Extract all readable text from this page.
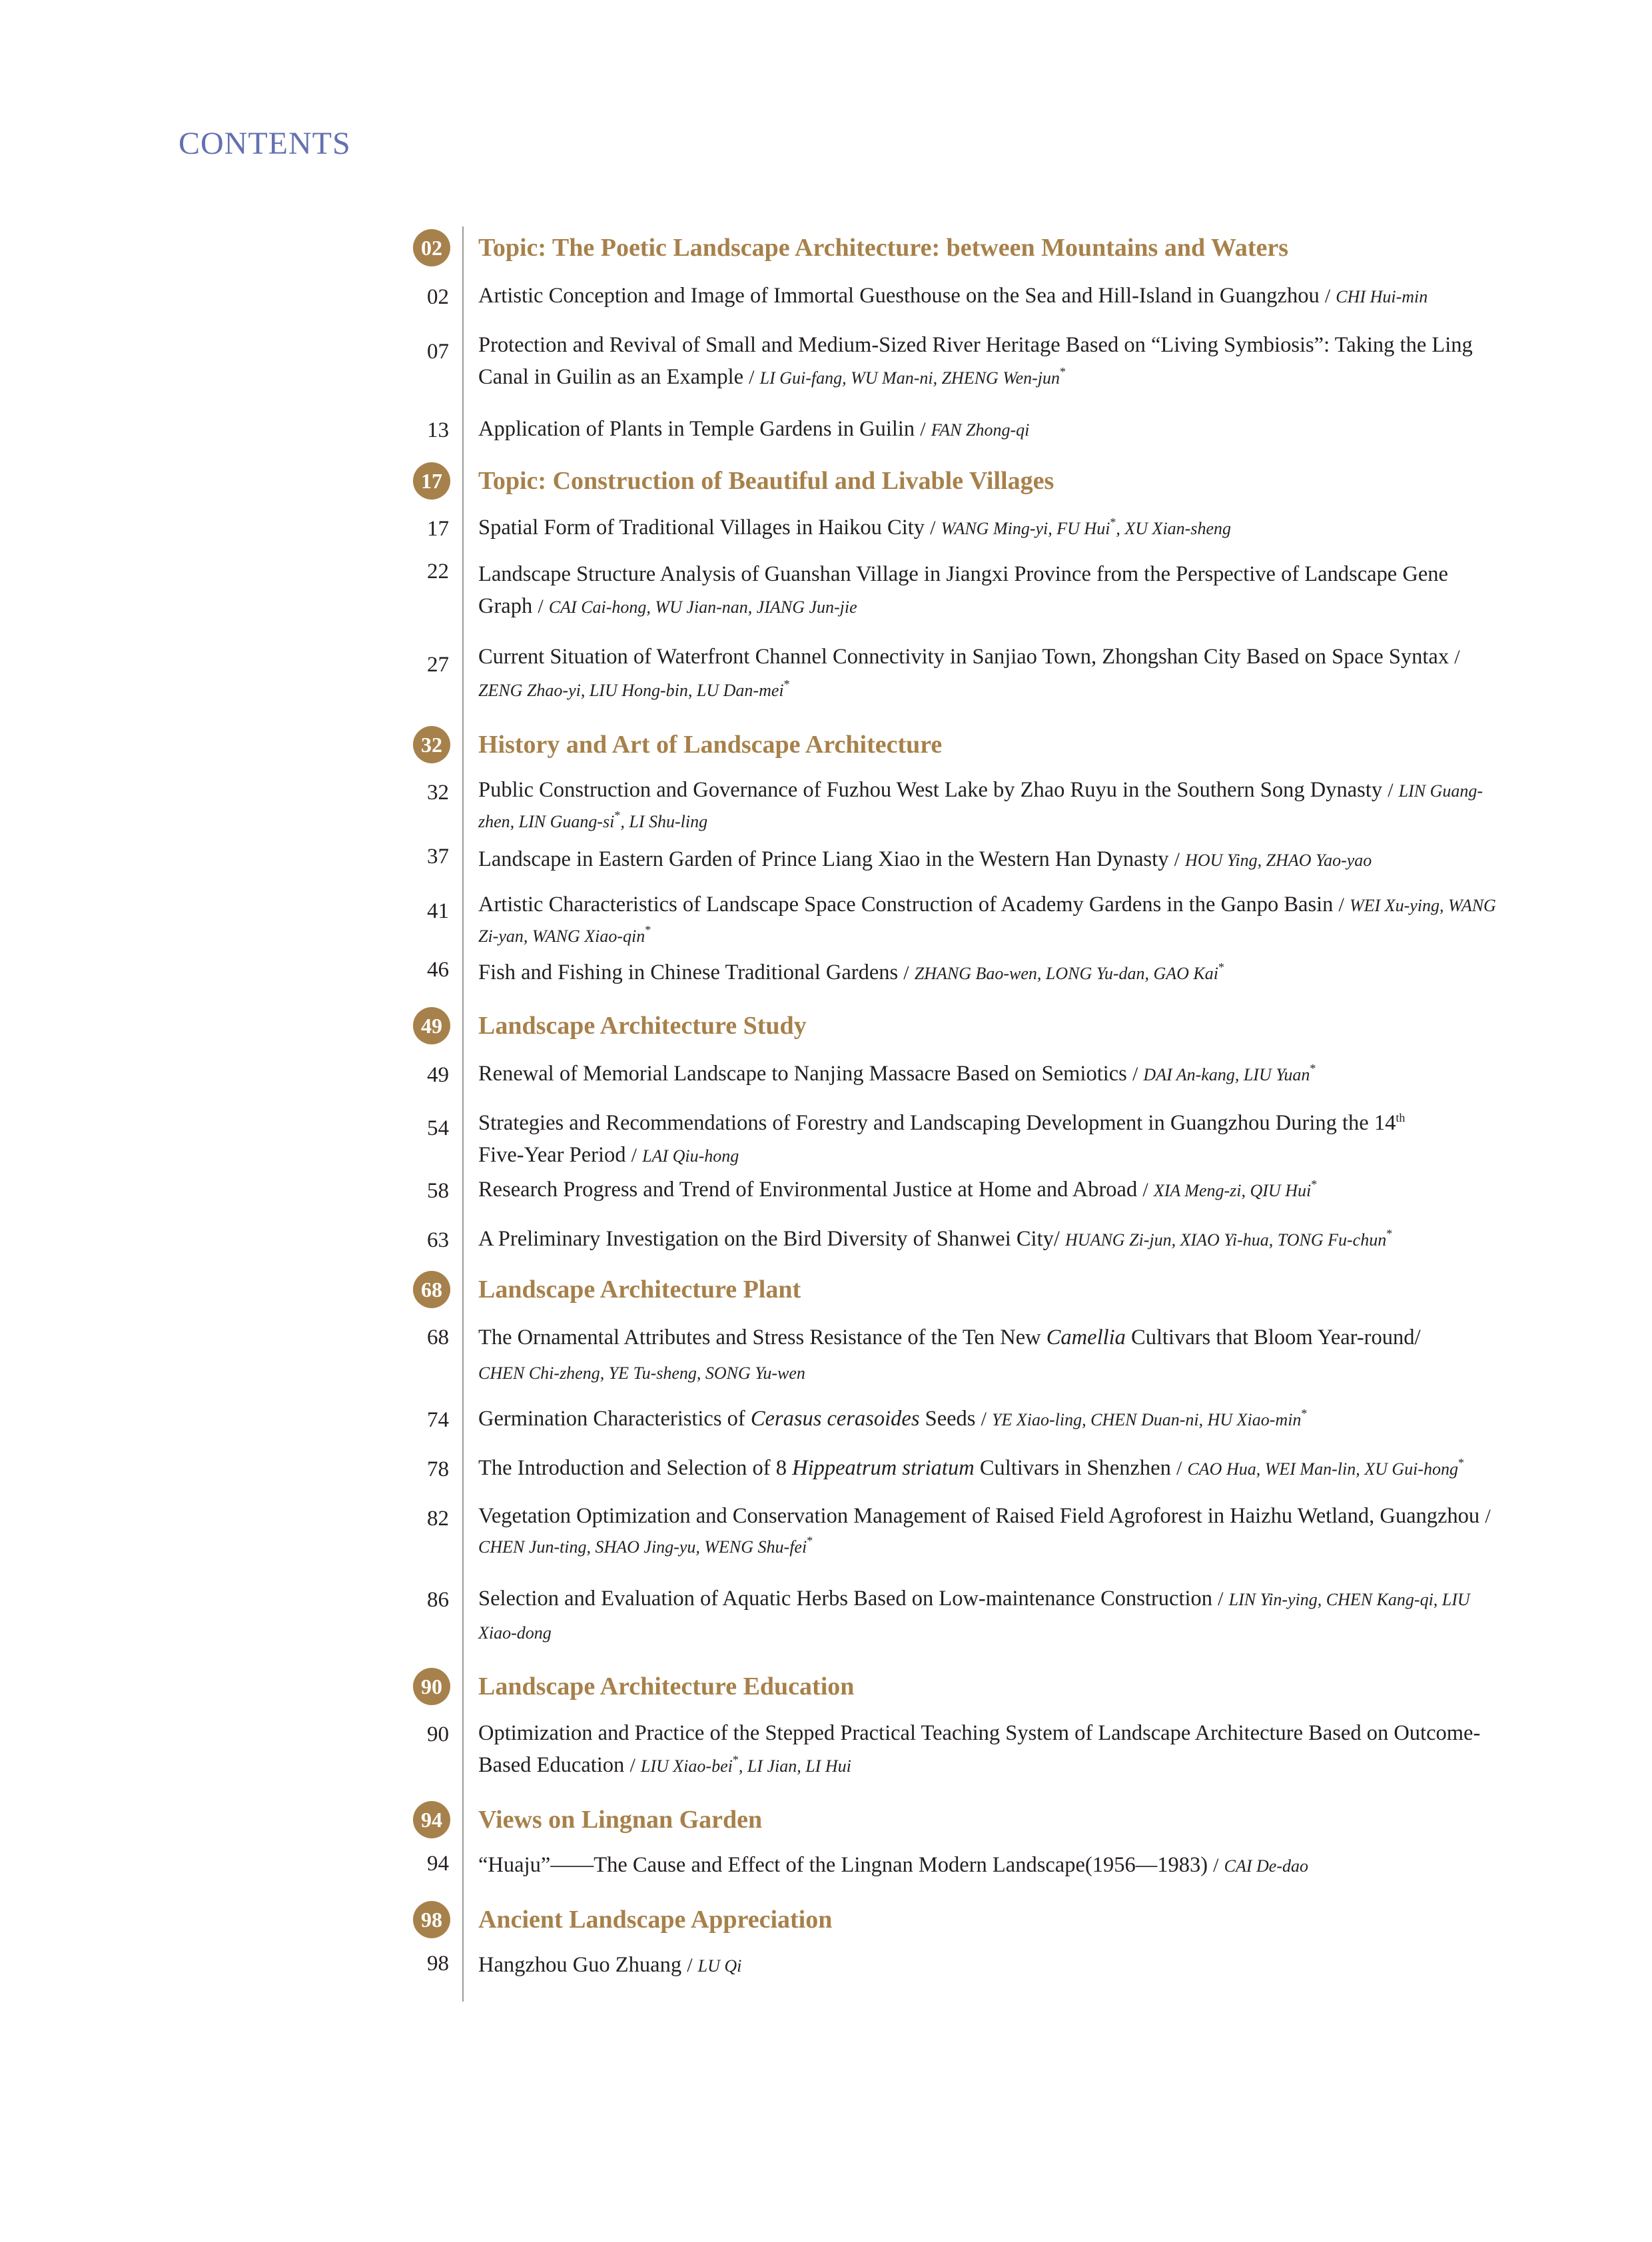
CONTENTS
02	Topic: The Poetic Landscape Architecture: between Mountains and Waters
02 Artistic Conception and Image of Immortal Guesthouse on the Sea and Hill-Island in Guangzhou / CHI Hui-min
07 Protection and Revival of Small and Medium-Sized River Heritage Based on “Living Symbiosis”: Taking the Ling Canal in Guilin as an Example / LI Gui-fang, WU Man-ni, ZHENG Wen-jun*
13 Application of Plants in Temple Gardens in Guilin / FAN Zhong-qi
17	Topic: Construction of Beautiful and Livable Villages
17 Spatial Form of Traditional Villages in Haikou City / WANG Ming-yi, FU Hui*, XU Xian-sheng
22 Landscape Structure Analysis of Guanshan Village in Jiangxi Province from the Perspective of Landscape Gene Graph / CAI Cai-hong, WU Jian-nan, JIANG Jun-jie
27 Current Situation of Waterfront Channel Connectivity in Sanjiao Town, Zhongshan City Based on Space Syntax / ZENG Zhao-yi, LIU Hong-bin, LU Dan-mei*
32	History and Art of Landscape Architecture
32 Public Construction and Governance of Fuzhou West Lake by Zhao Ruyu in the Southern Song Dynasty / LIN Guang-zhen, LIN Guang-si*, LI Shu-ling
37 Landscape in Eastern Garden of Prince Liang Xiao in the Western Han Dynasty / HOU Ying, ZHAO Yao-yao
41 Artistic Characteristics of Landscape Space Construction of Academy Gardens in the Ganpo Basin / WEI Xu-ying, WANG Zi-yan, WANG Xiao-qin*
46 Fish and Fishing in Chinese Traditional Gardens / ZHANG Bao-wen, LONG Yu-dan, GAO Kai*
49	Landscape Architecture Study
49 Renewal of Memorial Landscape to Nanjing Massacre Based on Semiotics / DAI An-kang, LIU Yuan*
54 Strategies and Recommendations of Forestry and Landscaping Development in Guangzhou During the 14th
Five-Year Period / LAI Qiu-hong
58 Research Progress and Trend of Environmental Justice at Home and Abroad / XIA Meng-zi, QIU Hui*
63 A Preliminary Investigation on the Bird Diversity of Shanwei City/ HUANG Zi-jun, XIAO Yi-hua, TONG Fu-chun*
68	Landscape Architecture Plant
68 The Ornamental Attributes and Stress Resistance of the Ten New Camellia Cultivars that Bloom Year-round/
CHEN Chi-zheng, YE Tu-sheng, SONG Yu-wen
74 Germination Characteristics of Cerasus cerasoides Seeds / YE Xiao-ling, CHEN Duan-ni, HU Xiao-min*
78 The Introduction and Selection of 8 Hippeatrum striatum Cultivars in Shenzhen / CAO Hua, WEI Man-lin, XU Gui-hong*
82 Vegetation Optimization and Conservation Management of Raised Field Agroforest in Haizhu Wetland, Guangzhou / CHEN Jun-ting, SHAO Jing-yu, WENG Shu-fei*
86 Selection and Evaluation of Aquatic Herbs Based on Low-maintenance Construction / LIN Yin-ying, CHEN Kang-qi, LIU Xiao-dong
90	Landscape Architecture Education
90 Optimization and Practice of the Stepped Practical Teaching System of Landscape Architecture Based on Outcome-Based Education / LIU Xiao-bei*, LI Jian, LI Hui
94	Views on Lingnan Garden
94 “Huaju”——The Cause and Effect of the Lingnan Modern Landscape(1956—1983) / CAI De-dao
98	Ancient Landscape Appreciation
98 Hangzhou Guo Zhuang / LU Qi
